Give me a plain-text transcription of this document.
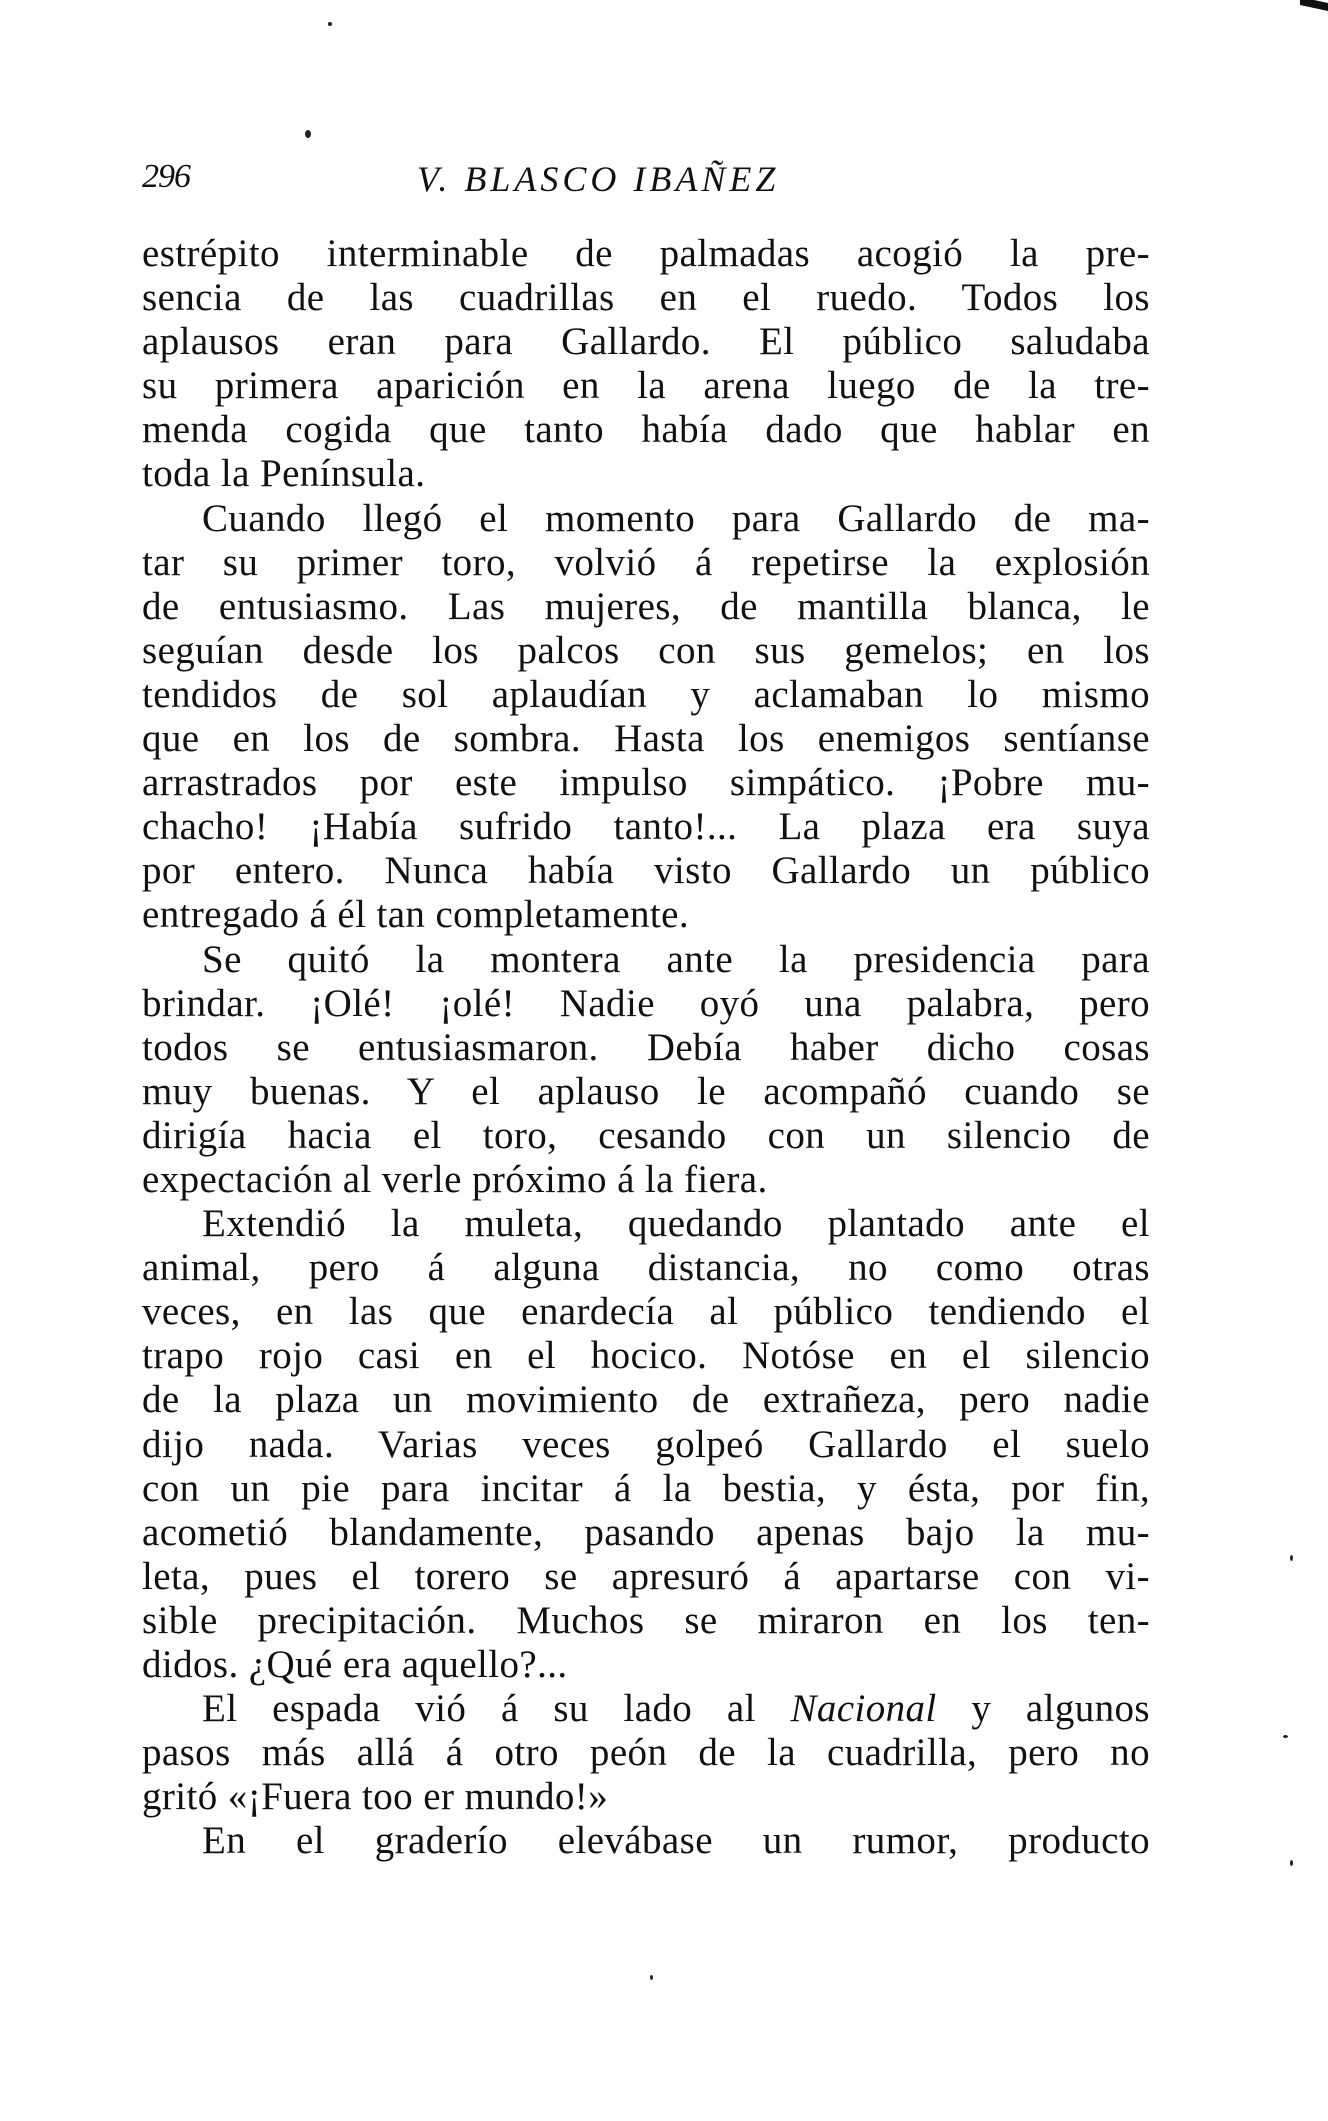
296	V. BLASCO IBAÑEZ
estrépito interminable de palmadas acogió la pre-
sencia de las cuadrillas en el ruedo. Todos los
aplausos eran para Gallardo. El público saludaba
su primera aparición en la arena luego de la tre-
menda cogida que tanto había dado que hablar en
toda la Península.
Cuando llegó el momento para Gallardo de ma-
tar su primer toro, volvió á repetirse la explosión
de entusiasmo. Las mujeres, de mantilla blanca, le
seguían desde los palcos con sus gemelos; en los
tendidos de sol aplaudían y aclamaban lo mismo
que en los de sombra. Hasta los enemigos sentíanse
arrastrados por este impulso simpático. ¡Pobre mu-
chacho! ¡Había sufrido tanto!... La plaza era suya
por entero. Nunca había visto Gallardo un público
entregado á él tan completamente.
Se quitó la montera ante la presidencia para
brindar. ¡Olé! ¡olé! Nadie oyó una palabra, pero
todos se entusiasmaron. Debía haber dicho cosas
muy buenas. Y el aplauso le acompañó cuando se
dirigía hacia el toro, cesando con un silencio de
expectación al verle próximo á la fiera.
Extendió la muleta, quedando plantado ante el
animal, pero á alguna distancia, no como otras
veces, en las que enardecía al público tendiendo el
trapo rojo casi en el hocico. Notóse en el silencio
de la plaza un movimiento de extrañeza, pero nadie
dijo nada. Varias veces golpeó Gallardo el suelo
con un pie para incitar á la bestia, y ésta, por fin,
acometió blandamente, pasando apenas bajo la mu-
leta, pues el torero se apresuró á apartarse con vi-
sible precipitación. Muchos se miraron en los ten-
didos. ¿Qué era aquello?...
El espada vió á su lado al Nacional y algunos
pasos más allá á otro peón de la cuadrilla, pero no
gritó «¡Fuera too er mundo!»
En el graderío elevábase un rumor, producto
